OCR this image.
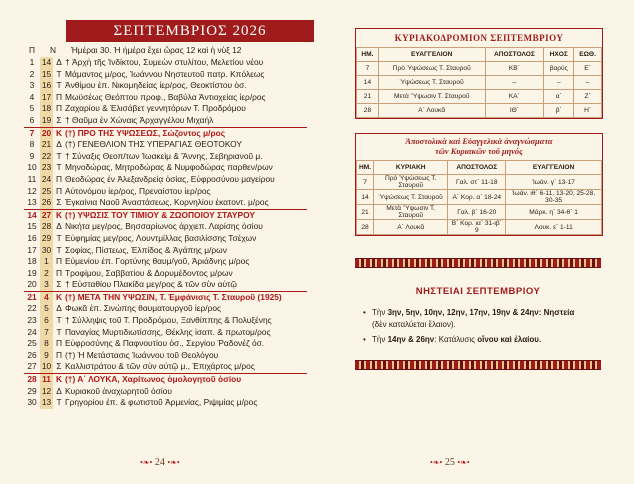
ΣΕΠΤΕΜΒΡΙΟΣ 2026
Π	Ν	Ἡμέραι 30. Ἡ ἡμέρα ἔχει ὥρας 12 καὶ ἡ νὺξ 12
1 14 Δ † Ἀρχὴ τῆς Ἰνδίκτου, Συμεὼν στυλίτου, Μελετίου νέου
2 15 Τ Μάμαντος μ/ρος, Ἰωάννου Νηστευτοῦ πατρ. Κπόλεως
3 16 Τ Ἀνθίμου ἐπ. Νικομηδείας ἱερ/ρος, Θεοκτίστου ὁσ.
4 17 Π Μωϋσέως Θεόπτου προφ., Βαβύλα Ἀντιοχείας ἱερ/ρος
5 18 Π Ζαχαρίου & Ἐλισάβετ γεννητόρων Τ. Προδρόμου
6 19 Σ † Θαῦμα ἐν Χώναις Ἀρχαγγέλου Μιχαήλ
7 20 Κ (†) ΠΡΟ ΤΗΣ ΥΨΩΣΕΩΣ, Σώζοντος μ/ρος
8 21 Δ (†) ΓΕΝΕΘΛΙΟΝ ΤΗΣ ΥΠΕΡΑΓΙΑΣ ΘΕΟΤΟΚΟΥ
9 22 Τ † Σύναξις Θεοπ/των Ἰωακεὶμ & Ἄννης, Σεβηριανοῦ μ.
10 23 Τ Μηνοδώρας, Μητροδώρας & Νυμφοδώρας παρθεν/ρων
11 24 Π Θεοδώρας ἐν Ἀλεξανδρείᾳ ὁσίας, Εὐφροσύνου μαγείρου
12 25 Π Αὐτονόμου ἱερ/ρος, Πρεναίστου ἱερ/ρος
13 26 Σ Ἐγκαίνια Ναοῦ Ἀναστάσεως, Κορνηλίου ἑκατοντ. μ/ρος
14 27 Κ (†) ΥΨΩΣΙΣ ΤΟΥ ΤΙΜΙΟΥ & ΖΩΟΠΟΙΟΥ ΣΤΑΥΡΟΥ
15 28 Δ Νικήτα μεγ/ρος, Βησσαρίωνος ἀρχιεπ. Λαρίσης ὁσίου
16 29 Τ Εὐφημίας μεγ/ρος, Λουντμίλλας βασιλίσσης Τσέχων
17 30 Τ Σοφίας, Πίστεως, Ἐλπίδος & Ἀγάπης μ/ρων
18 1 Π Εὐμενίου ἐπ. Γορτύνης θαυμ/γοῦ, Ἀριάδνης μ/ρος
19 2 Π Τροφίμου, Σαββατίου & Δορυμέδοντος μ/ρων
20 3 Σ † Εὐσταθίου Πλακίδα μεγ/ρος & τῶν σὺν αὐτῷ
21 4 Κ (†) ΜΕΤΑ ΤΗΝ ΥΨΩΣΙΝ, Τ. Ἐμφάνισις Τ. Σταυροῦ (1925)
22 5 Δ Φωκᾶ ἐπ. Σινώπης θαυματουργοῦ ἱερ/ρος
23 6 Τ † Σύλληψις τοῦ Τ. Προδρόμου, Ξανθίππης & Πολυξένης
24 7 Τ Παναγίας Μυρτιδιωτίσσης, Θέκλης ἰσαπ. & πρωτομ/ρος
25 8 Π Εὐφροσύνης & Παφνουτίου ὁσ., Σεργίου Ῥαδονέζ ὁσ.
26 9 Π (†) Ἡ Μετάστασις Ἰωάννου τοῦ Θεολόγου
27 10 Σ Καλλιστράτου & τῶν σὺν αὐτῷ μ., Ἐπιχάρτος μ/ρος
28 11 Κ (†) Α΄ ΛΟΥΚΑ, Χαρίτωνος ὁμολογητοῦ ὁσίου
29 12 Δ Κυριακοῦ ἀναχωρητοῦ ὁσίου
30 13 Τ Γρηγορίου ἐπ. & φωτιστοῦ Ἀρμενίας, Ριψιμίας μ/ρος
•❧• 24 •❧•
ΚΥΡΙΑΚΟΔΡΟΜΙΟΝ ΣΕΠΤΕΜΒΡΙΟΥ
ΗΜ.	ΕΥΑΓΓΕΛΙΟΝ	ΑΠΟΣΤΟΛΟΣ	ΗΧΟΣ	ΕΩΘ.
7	Πρὸ Ὑψώσεως Τ. Σταυροῦ	ΚΒ΄	βαρύς	Ε΄
14	Ὑψώσεως Τ. Σταυροῦ	–	–	–
21	Μετὰ Ὕψωσιν Τ. Σταυροῦ	ΚΑ΄	α΄	Ζ΄
28	Α΄ Λουκᾶ	ΙΘ΄	β΄	Η΄
Ἀποστολικὰ καὶ Εὐαγγελικὰ ἀναγνώσματα
τῶν Κυριακῶν τοῦ μηνός
ΗΜ.	ΚΥΡΙΑΚΗ	ΑΠΟΣΤΟΛΟΣ	ΕΥΑΓΓΕΛΙΟΝ
7	Πρὸ Ὑψώσεως Τ. Σταυροῦ	Γαλ. στ΄ 11-18	Ἰωάν. γ΄ 13-17
14	Ὑψώσεως Τ. Σταυροῦ	Α΄ Κορ. α΄ 18-24	Ἰωάν. ιθ΄ 6-11, 13-20, 25-28, 30-35
21	Μετὰ Ὕψωσιν Τ. Σταυροῦ	Γαλ. β΄ 16-20	Μάρκ. η΄ 34-θ΄ 1
28	Α΄ Λουκᾶ	Β΄ Κορ. ια΄ 31-ιβ΄ 9	Λουκ. ε΄ 1-11
ΝΗΣΤΕΙΑΙ ΣΕΠΤΕΜΒΡΙΟΥ
• Τὴν 3ην, 5ην, 10ην, 12ην, 17ην, 19ην & 24ην: Νηστεία
(δὲν καταλύεται ἔλαιον).
• Τὴν 14ην & 26ην: Κατάλυσις οἴνου καὶ ἐλαίου.
•❧• 25 •❧•
